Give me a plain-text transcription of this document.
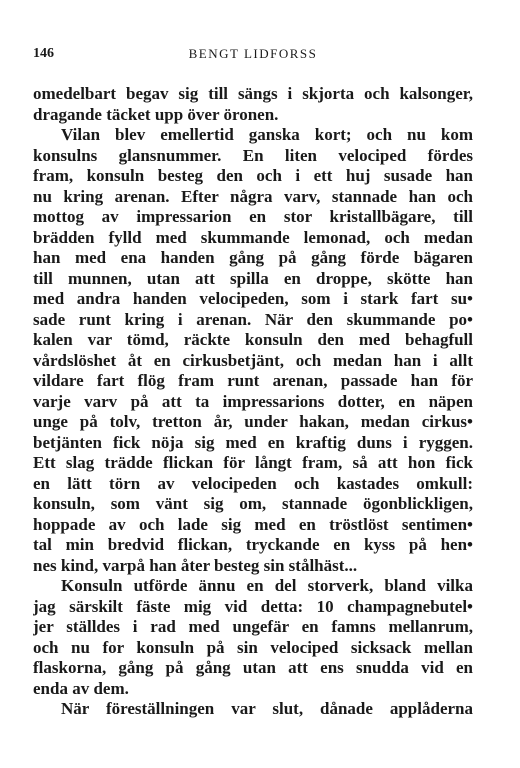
146	BENGT LIDFORSS
omedelbart begav sig till sängs i skjorta och kalsonger,
dragande täcket upp över öronen.
Vilan blev emellertid ganska kort; och nu kom
konsulns glansnummer. En liten velociped fördes
fram, konsuln besteg den och i ett huj susade han
nu kring arenan. Efter några varv, stannade han och
mottog av impressarion en stor kristallbägare, till
brädden fylld med skummande lemonad, och medan
han med ena handen gång på gång förde bägaren
till munnen, utan att spilla en droppe, skötte han
med andra handen velocipeden, som i stark fart su•
sade runt kring i arenan. När den skummande po•
kalen var tömd, räckte konsuln den med behagfull
vårdslöshet åt en cirkusbetjänt, och medan han i allt
vildare fart flög fram runt arenan, passade han för
varje varv på att ta impressarions dotter, en näpen
unge på tolv, tretton år, under hakan, medan cirkus•
betjänten fick nöja sig med en kraftig duns i ryggen.
Ett slag trädde flickan för långt fram, så att hon fick
en lätt törn av velocipeden och kastades omkull:
konsuln, som vänt sig om, stannade ögonblickligen,
hoppade av och lade sig med en tröstlöst sentimen•
tal min bredvid flickan, tryckande en kyss på hen•
nes kind, varpå han åter besteg sin stålhäst...
Konsuln utförde ännu en del storverk, bland vilka
jag särskilt fäste mig vid detta: 10 champagnebutel•
jer ställdes i rad med ungefär en famns mellanrum,
och nu for konsuln på sin velociped sicksack mellan
flaskorna, gång på gång utan att ens snudda vid en
enda av dem.
När föreställningen var slut, dånade applåderna
